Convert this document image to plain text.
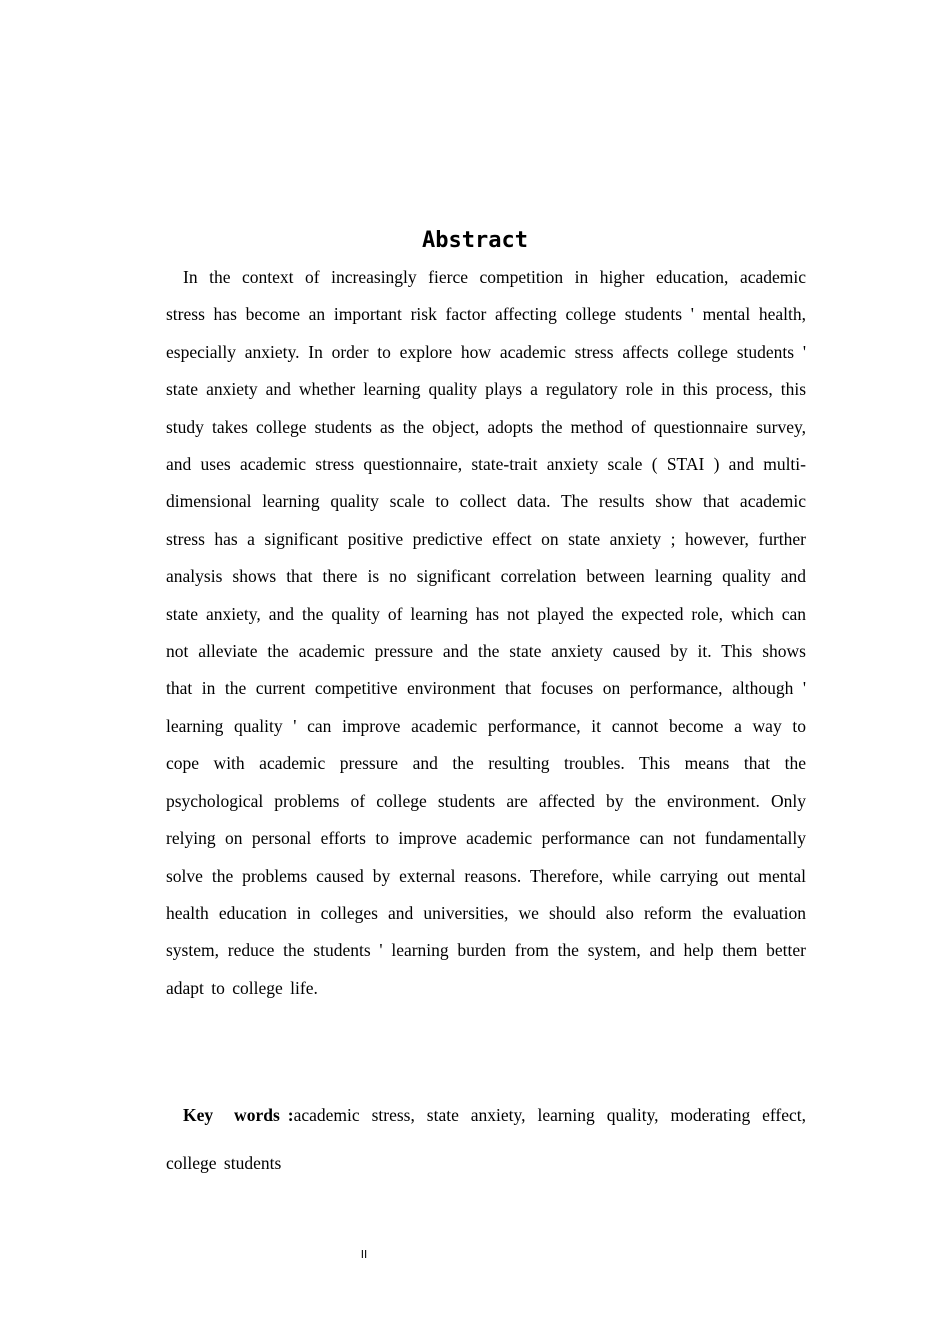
Abstract

In the context of increasingly fierce competition in higher education, academic stress has become an important risk factor affecting college students ' mental health, especially anxiety. In order to explore how academic stress affects college students ' state anxiety and whether learning quality plays a regulatory role in this process, this study takes college students as the object, adopts the method of questionnaire survey, and uses academic stress questionnaire, state-trait anxiety scale ( STAI ) and multi-dimensional learning quality scale to collect data. The results show that academic stress has a significant positive predictive effect on state anxiety ; however, further analysis shows that there is no significant correlation between learning quality and state anxiety, and the quality of learning has not played the expected role, which can not alleviate the academic pressure and the state anxiety caused by it. This shows that in the current competitive environment that focuses on performance, although ' learning quality ' can improve academic performance, it cannot become a way to cope with academic pressure and the resulting troubles. This means that the psychological problems of college students are affected by the environment. Only relying on personal efforts to improve academic performance can not fundamentally solve the problems caused by external reasons. Therefore, while carrying out mental health education in colleges and universities, we should also reform the evaluation system, reduce the students ' learning burden from the system, and help them better adapt to college life.

Key words :academic stress, state anxiety, learning quality, moderating effect, college students

II
